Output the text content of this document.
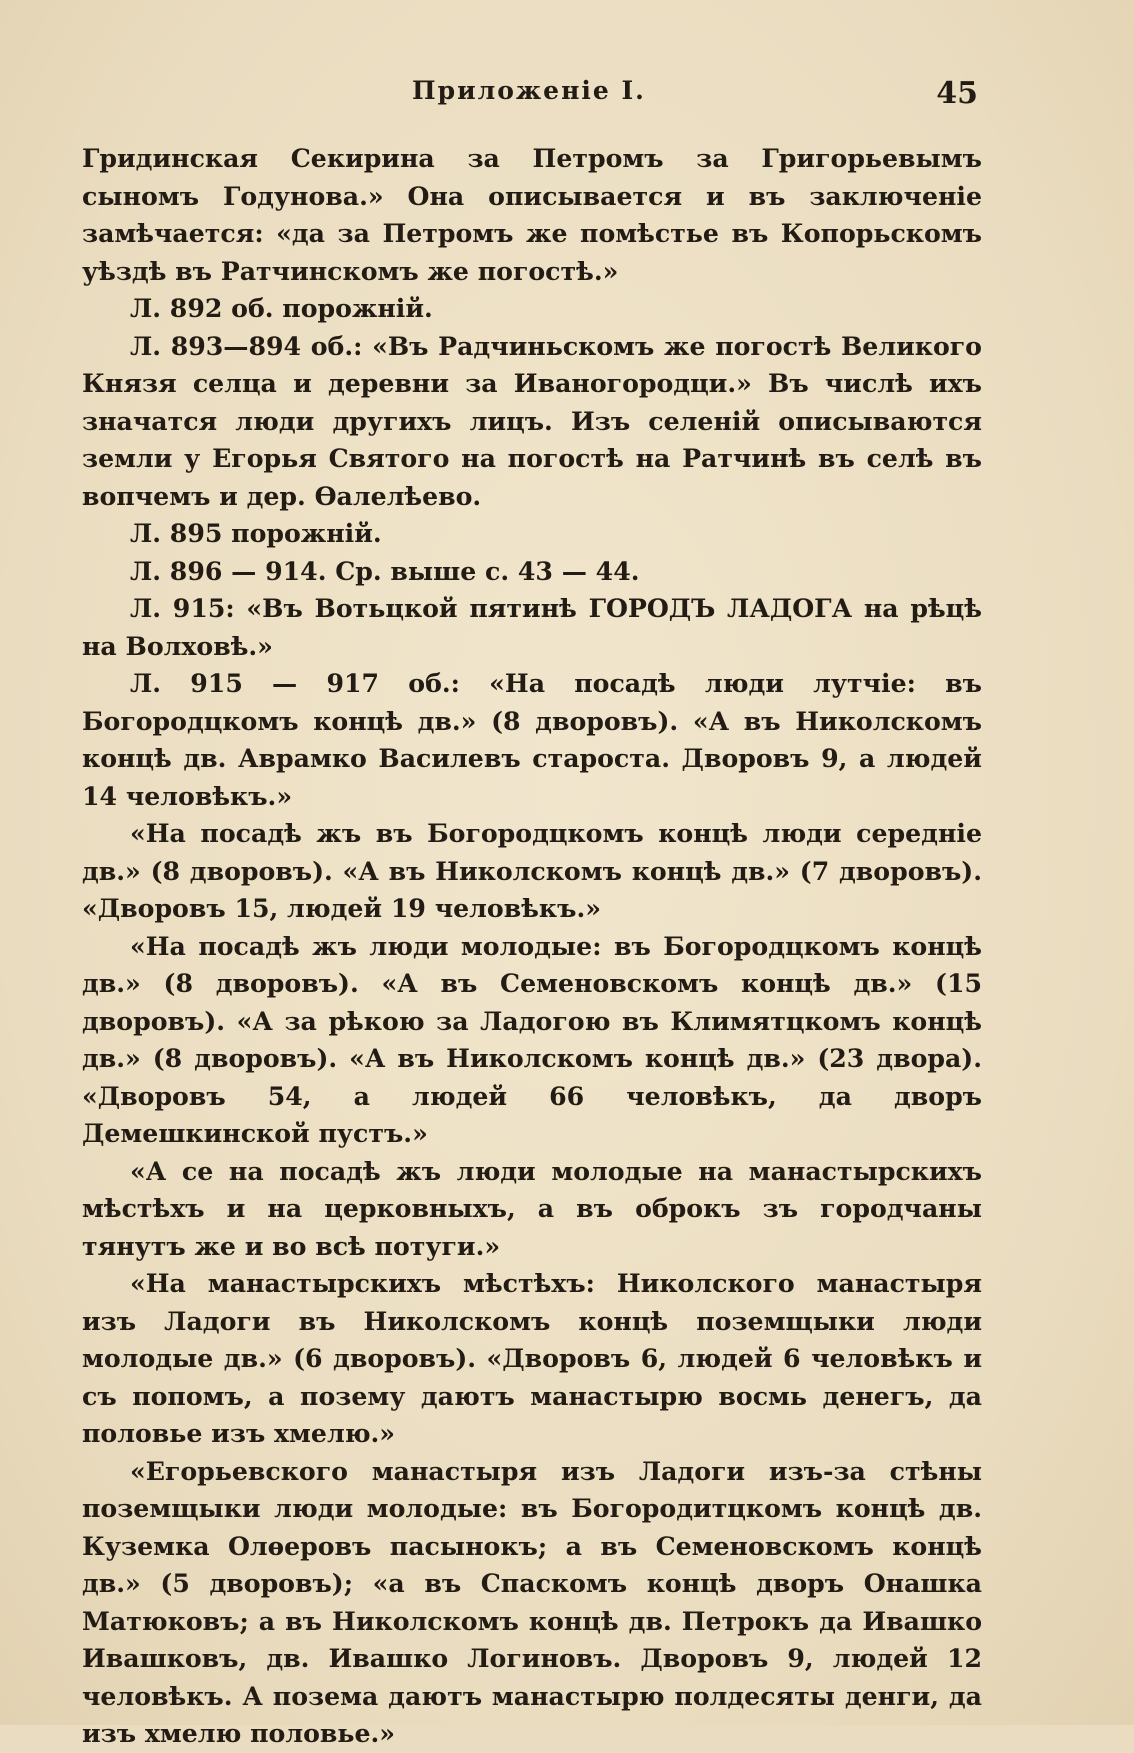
Приложеніе I.	45

Гридинская Секирина за Петромъ за Григорьевымъ сыномъ Годунова.» Она описывается и въ заключеніе замѣчается: «да за Петромъ же помѣстье въ Копорьскомъ уѣздѣ въ Ратчинскомъ же погостѣ.»

Л. 892 об. порожній.

Л. 893—894 об.: «Въ Радчиньскомъ же погостѣ Великого Князя селца и деревни за Иваногородци.» Въ числѣ ихъ значатся люди другихъ лицъ. Изъ селеній описываются земли у Егорья Святого на погостѣ на Ратчинѣ въ селѣ въ вопчемъ и дер. Өалелѣево.

Л. 895 порожній.

Л. 896 — 914. Ср. выше с. 43 — 44.

Л. 915: «Въ Вотьцкой пятинѣ ГОРОДЪ ЛАДОГА на рѣцѣ на Волховѣ.»

Л. 915 — 917 об.: «На посадѣ люди лутчіе: въ Богородцкомъ концѣ дв.» (8 дворовъ). «А въ Николскомъ концѣ дв. Аврамко Василевъ староста. Дворовъ 9, а людей 14 человѣкъ.»

«На посадѣ жъ въ Богородцкомъ концѣ люди середніе дв.» (8 дворовъ). «А въ Николскомъ концѣ дв.» (7 дворовъ). «Дворовъ 15, людей 19 человѣкъ.»

«На посадѣ жъ люди молодые: въ Богородцкомъ концѣ дв.» (8 дворовъ). «А въ Семеновскомъ концѣ дв.» (15 дворовъ). «А за рѣкою за Ладогою въ Климятцкомъ концѣ дв.» (8 дворовъ). «А въ Николскомъ концѣ дв.» (23 двора). «Дворовъ 54, а людей 66 человѣкъ, да дворъ Демешкинской пустъ.»

«А се на посадѣ жъ люди молодые на манастырскихъ мѣстѣхъ и на церковныхъ, а въ оброкъ зъ городчаны тянутъ же и во всѣ потуги.»

«На манастырскихъ мѣстѣхъ: Николского манастыря изъ Ладоги въ Николскомъ концѣ поземщыки люди молодые дв.» (6 дворовъ). «Дворовъ 6, людей 6 человѣкъ и съ попомъ, а позему даютъ манастырю восмь денегъ, да половье изъ хмелю.»

«Егорьевского манастыря изъ Ладоги изъ-за стѣны поземщыки люди молодые: въ Богородитцкомъ концѣ дв. Куземка Олѳеровъ пасынокъ; а въ Семеновскомъ концѣ дв.» (5 дворовъ); «а въ Спаскомъ концѣ дворъ Онашка Матюковъ; а въ Николскомъ концѣ дв. Петрокъ да Ивашко Ивашковъ, дв. Ивашко Логиновъ. Дворовъ 9, людей 12 человѣкъ. А позема даютъ манастырю полдесяты денги, да изъ хмелю половье.»
